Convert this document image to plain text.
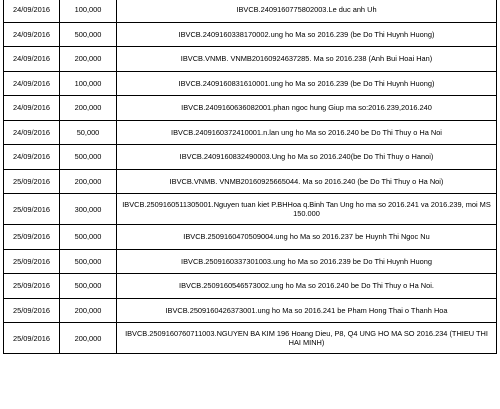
24/09/2016	100,000	IBVCB.2409160775802003.Le duc anh Uh
24/09/2016	500,000	IBVCB.2409160338170002.ung ho Ma so 2016.239 (be Do Thi Huynh Huong)
24/09/2016	200,000	IBVCB.VNMB. VNMB20160924637285. Ma so 2016.238 (Anh Bui Hoai Han)
24/09/2016	100,000	IBVCB.2409160831610001.ung ho Ma so 2016.239 (be Do Thi Huynh Huong)
24/09/2016	200,000	IBVCB.2409160636082001.phan ngoc hung Giup ma so:2016.239,2016.240
24/09/2016	50,000	IBVCB.2409160372410001.n.lan ung ho Ma so 2016.240 be Do Thi Thuy o Ha Noi
24/09/2016	500,000	IBVCB.2409160832490003.Ung ho Ma so 2016.240(be Do Thi Thuy o Hanoi)
25/09/2016	200,000	IBVCB.VNMB. VNMB20160925665044. Ma so 2016.240 (be Do Thi Thuy o Ha Noi)
25/09/2016	300,000	IBVCB.2509160511305001.Nguyen tuan kiet P.BHHoa q.Binh Tan Ung ho ma so 2016.241 va 2016.239, moi MS 150.000
25/09/2016	500,000	IBVCB.2509160470509004.ung ho Ma so 2016.237 be Huynh Thi Ngoc Nu
25/09/2016	500,000	IBVCB.2509160337301003.ung ho Ma so 2016.239 be Do Thi Huynh Huong
25/09/2016	500,000	IBVCB.2509160546573002.ung ho Ma so 2016.240 be Do Thi Thuy o Ha Noi.
25/09/2016	200,000	IBVCB.2509160426373001.ung ho Ma so 2016.241 be Pham Hong Thai o Thanh Hoa
25/09/2016	200,000	IBVCB.2509160760711003.NGUYEN BA KIM 196 Hoang Dieu, P8, Q4 UNG HO MA SO 2016.234 (THIEU THI HAI MINH)
